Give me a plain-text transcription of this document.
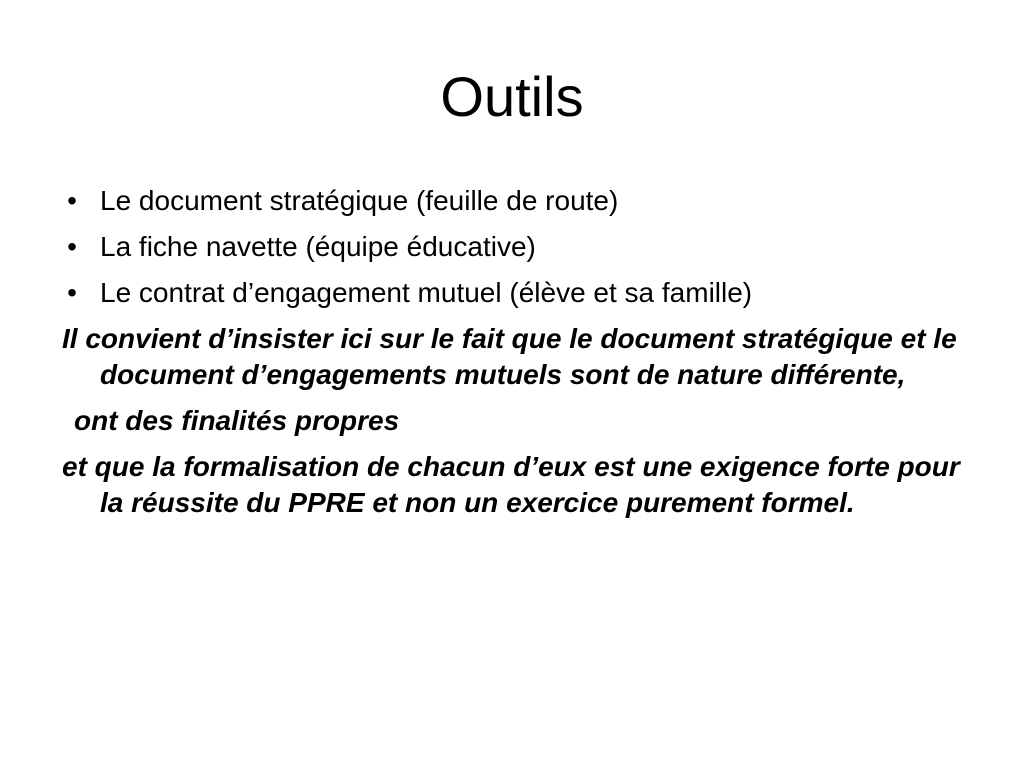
Outils
• Le document stratégique (feuille de route)
• La fiche navette (équipe éducative)
• Le contrat d’engagement mutuel (élève et sa famille)

Il convient d’insister ici sur le fait que le document stratégique et le document d’engagements mutuels sont de nature différente,

ont des finalités propres

et que la formalisation de chacun d’eux est une exigence forte pour la réussite du PPRE et non un exercice purement formel.
